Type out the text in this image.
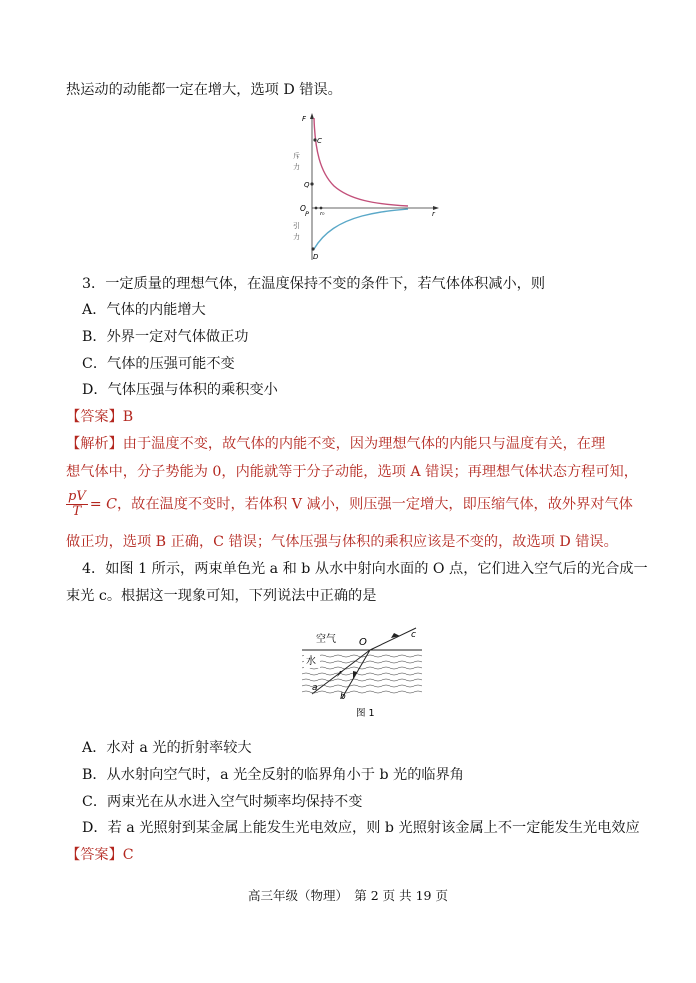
热运动的动能都一定在增大，选项 D 错误。
F
r
O
斥
力
引
力
C
Q
P r₀
D
3．一定质量的理想气体，在温度保持不变的条件下，若气体体积减小，则
A．气体的内能增大
B．外界一定对气体做正功
C．气体的压强可能不变
D．气体压强与体积的乘积变小
【答案】B
【解析】由于温度不变，故气体的内能不变，因为理想气体的内能只与温度有关，在理
想气体中，分子势能为 0，内能就等于分子动能，选项 A 错误；再理想气体状态方程可知，
$\frac{pV}{T} = C$，故在温度不变时，若体积 V 减小，则压强一定增大，即压缩气体，故外界对气体
做正功，选项 B 正确，C 错误；气体压强与体积的乘积应该是不变的，故选项 D 错误。
4．如图 1 所示，两束单色光 a 和 b 从水中射向水面的 O 点，它们进入空气后的光合成一
束光 c。根据这一现象可知，下列说法中正确的是
空气
水
O
c
a
b
图 1
A．水对 a 光的折射率较大
B．从水射向空气时，a 光全反射的临界角小于 b 光的临界角
C．两束光在从水进入空气时频率均保持不变
D．若 a 光照射到某金属上能发生光电效应，则 b 光照射该金属上不一定能发生光电效应
【答案】C
高三年级（物理）　第 2 页 共 19 页
